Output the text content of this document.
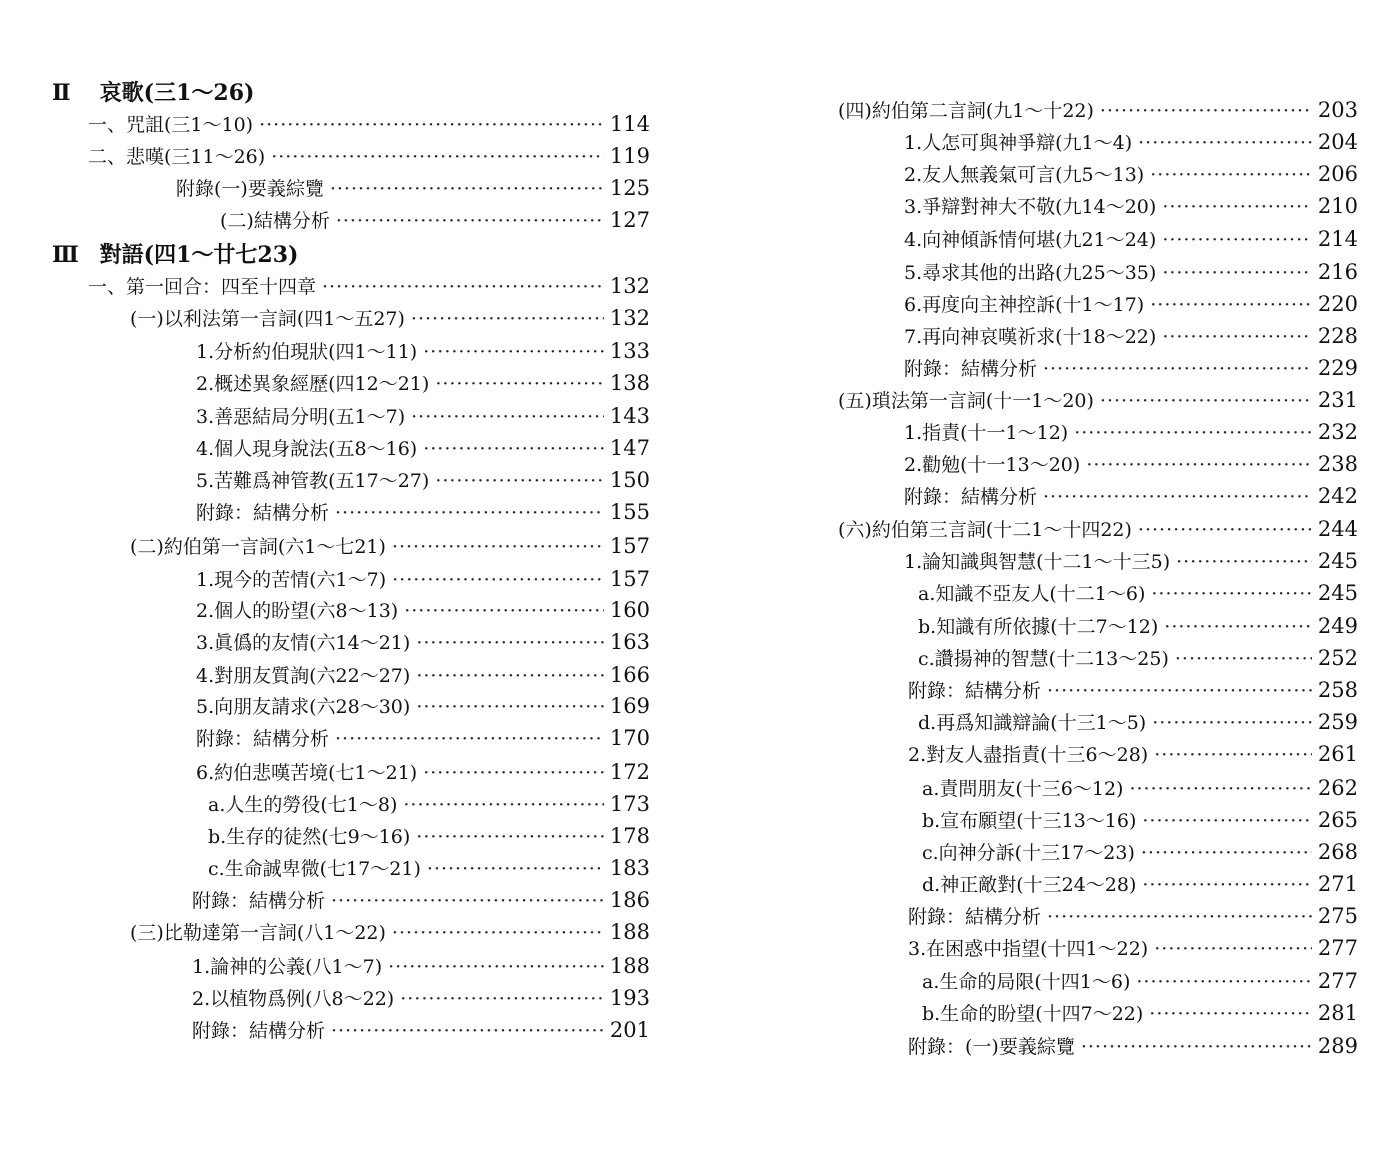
Ⅱ 哀歌(三1～26)
一、咒詛(三1～10) ·····	114
二、悲嘆(三11～26) ·····	119
附錄(一)要義綜覽 ·····	125
(二)結構分析 ·····	127
Ⅲ 對語(四1～廿七23)
一、第一回合：四至十四章 ·····	132
(一)以利法第一言詞(四1～五27) ·····	132
1.分析約伯現狀(四1～11) ·····	133
2.概述異象經歷(四12～21) ·····	138
3.善惡結局分明(五1～7) ·····	143
4.個人現身說法(五8～16) ·····	147
5.苦難爲神管教(五17～27) ·····	150
附錄：結構分析 ·····	155
(二)約伯第一言詞(六1～七21) ·····	157
1.現今的苦情(六1～7) ·····	157
2.個人的盼望(六8～13) ·····	160
3.眞僞的友情(六14～21) ·····	163
4.對朋友質詢(六22～27) ·····	166
5.向朋友請求(六28～30) ·····	169
附錄：結構分析 ·····	170
6.約伯悲嘆苦境(七1～21) ·····	172
a.人生的勞役(七1～8) ·····	173
b.生存的徒然(七9～16) ·····	178
c.生命誠卑微(七17～21) ·····	183
附錄：結構分析 ·····	186
(三)比勒達第一言詞(八1～22) ·····	188
1.論神的公義(八1～7) ·····	188
2.以植物爲例(八8～22) ·····	193
附錄：結構分析 ·····	201
(四)約伯第二言詞(九1～十22) ·····	203
1.人怎可與神爭辯(九1～4) ·····	204
2.友人無義氣可言(九5～13) ·····	206
3.爭辯對神大不敬(九14～20) ·····	210
4.向神傾訴情何堪(九21～24) ·····	214
5.尋求其他的出路(九25～35) ·····	216
6.再度向主神控訴(十1～17) ·····	220
7.再向神哀嘆祈求(十18～22) ·····	228
附錄：結構分析 ·····	229
(五)瑣法第一言詞(十一1～20) ·····	231
1.指責(十一1～12) ·····	232
2.勸勉(十一13～20) ·····	238
附錄：結構分析 ·····	242
(六)約伯第三言詞(十二1～十四22) ·····	244
1.論知識與智慧(十二1～十三5) ·····	245
a.知識不亞友人(十二1～6) ·····	245
b.知識有所依據(十二7～12) ·····	249
c.讚揚神的智慧(十二13～25) ·····	252
附錄：結構分析 ·····	258
d.再爲知識辯論(十三1～5) ·····	259
2.對友人盡指責(十三6～28) ·····	261
a.責問朋友(十三6～12) ·····	262
b.宣布願望(十三13～16) ·····	265
c.向神分訴(十三17～23) ·····	268
d.神正敵對(十三24～28) ·····	271
附錄：結構分析 ·····	275
3.在困惑中指望(十四1～22) ·····	277
a.生命的局限(十四1～6) ·····	277
b.生命的盼望(十四7～22) ·····	281
附錄：(一)要義綜覽 ·····	289
